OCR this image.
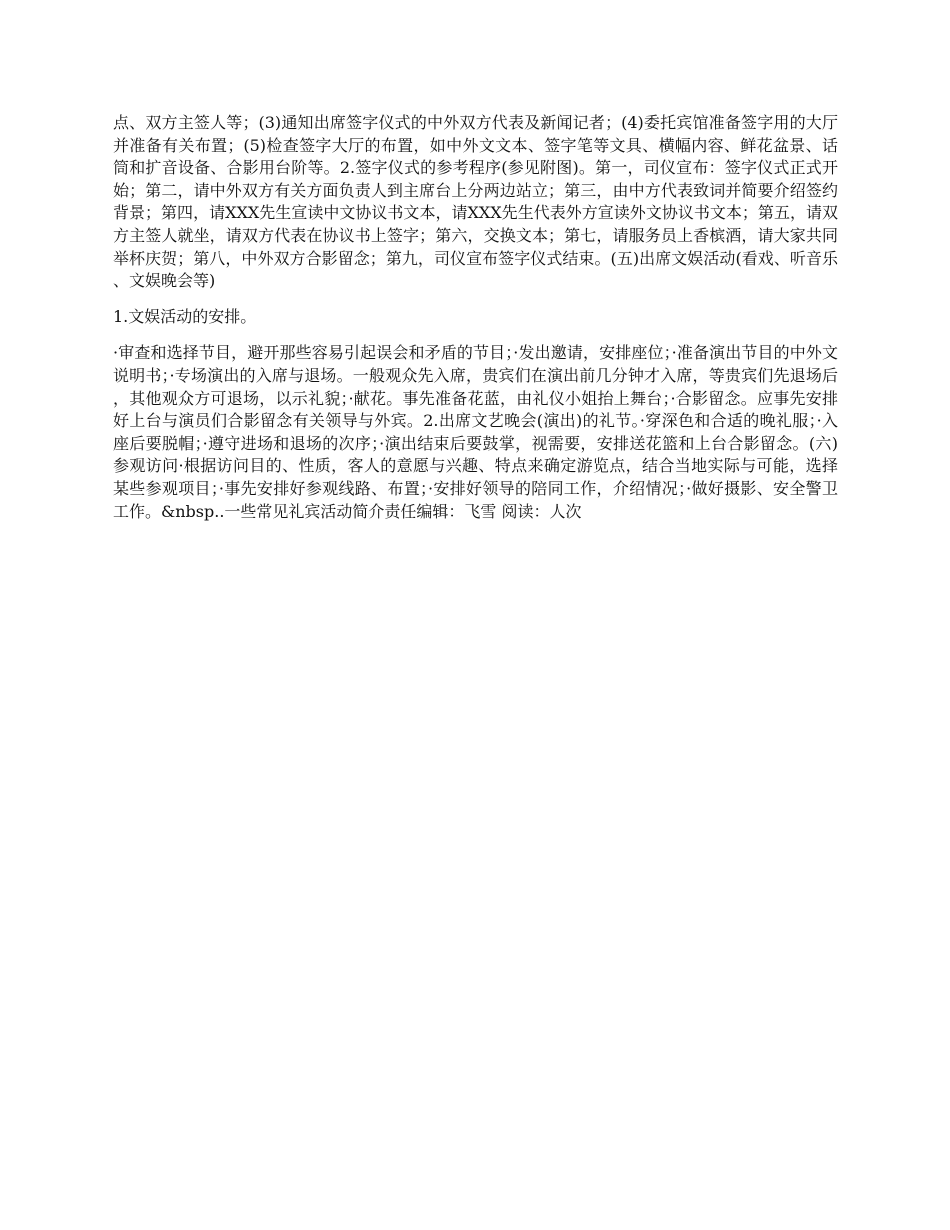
点、双方主签人等；(3)通知出席签字仪式的中外双方代表及新闻记者；(4)委托宾馆准备签字用的大厅并准备有关布置；(5)检查签字大厅的布置，如中外文文本、签字笔等文具、横幅内容、鲜花盆景、话筒和扩音设备、合影用台阶等。2.签字仪式的参考程序(参见附图)。第一，司仪宣布：签字仪式正式开始；第二，请中外双方有关方面负责人到主席台上分两边站立；第三，由中方代表致词并简要介绍签约背景；第四，请XXX先生宣读中文协议书文本，请XXX先生代表外方宣读外文协议书文本；第五，请双方主签人就坐，请双方代表在协议书上签字；第六，交换文本；第七，请服务员上香槟酒，请大家共同举杯庆贺；第八，中外双方合影留念；第九，司仪宣布签字仪式结束。(五)出席文娱活动(看戏、听音乐、文娱晚会等)

1.文娱活动的安排。

·审查和选择节目，避开那些容易引起误会和矛盾的节目；·发出邀请，安排座位；·准备演出节目的中外文说明书；·专场演出的入席与退场。一般观众先入席，贵宾们在演出前几分钟才入席，等贵宾们先退场后，其他观众方可退场，以示礼貌；·献花。事先准备花蓝，由礼仪小姐抬上舞台；·合影留念。应事先安排好上台与演员们合影留念有关领导与外宾。2.出席文艺晚会(演出)的礼节。·穿深色和合适的晚礼服；·入座后要脱帽；·遵守进场和退场的次序；·演出结束后要鼓掌，视需要，安排送花篮和上台合影留念。(六)参观访问·根据访问目的、性质，客人的意愿与兴趣、特点来确定游览点，结合当地实际与可能，选择某些参观项目；·事先安排好参观线路、布置；·安排好领导的陪同工作，介绍情况；·做好摄影、安全警卫工作。&nbsp..一些常见礼宾活动简介责任编辑：飞雪 阅读：人次
